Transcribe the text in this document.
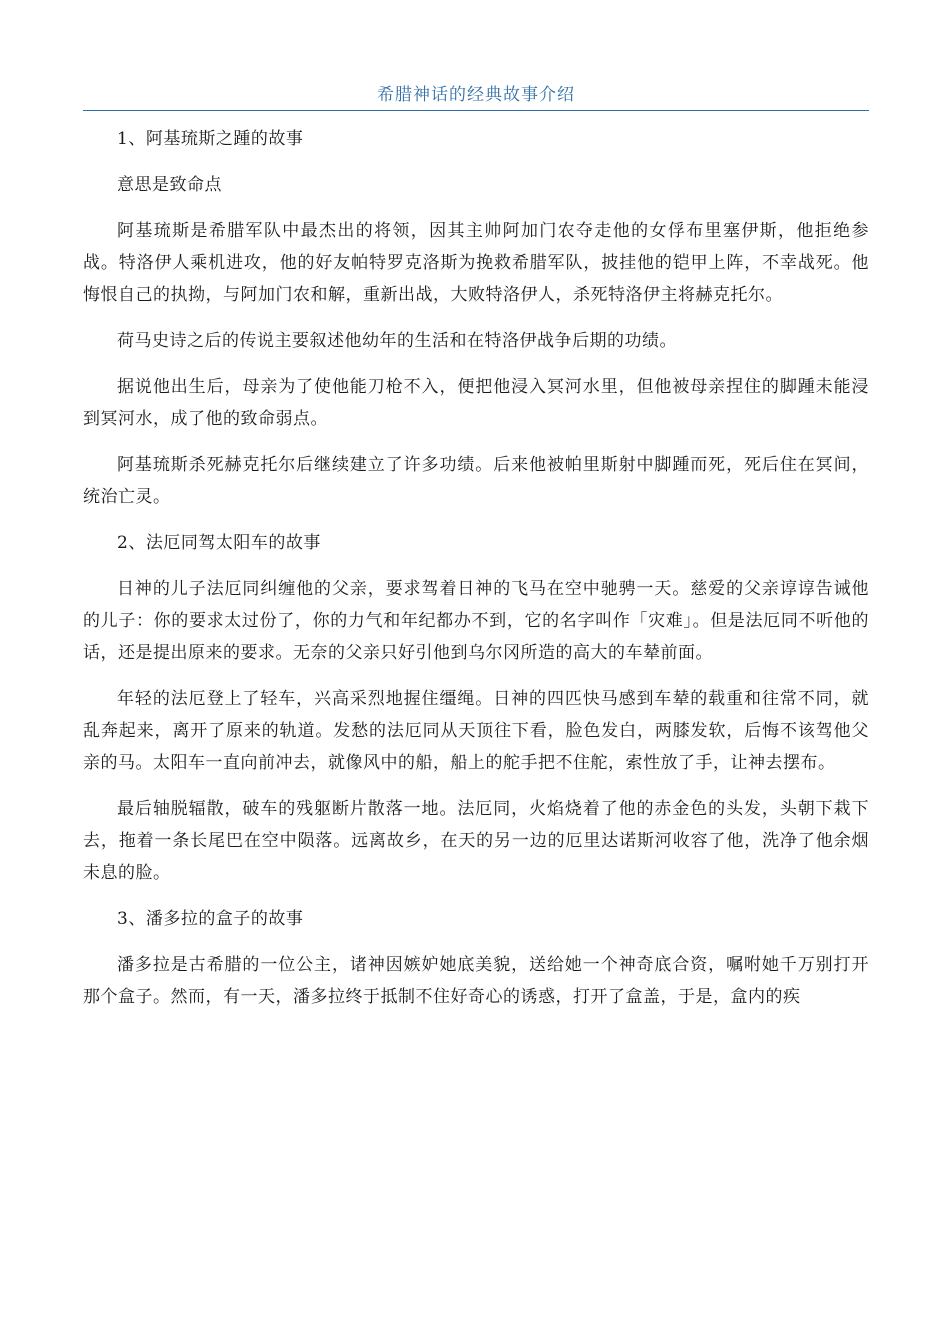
希腊神话的经典故事介绍

1、阿基琉斯之踵的故事

意思是致命点

阿基琉斯是希腊军队中最杰出的将领，因其主帅阿加门农夺走他的女俘布里塞伊斯，他拒绝参战。特洛伊人乘机进攻，他的好友帕特罗克洛斯为挽救希腊军队，披挂他的铠甲上阵，不幸战死。他悔恨自己的执拗，与阿加门农和解，重新出战，大败特洛伊人，杀死特洛伊主将赫克托尔。

荷马史诗之后的传说主要叙述他幼年的生活和在特洛伊战争后期的功绩。

据说他出生后，母亲为了使他能刀枪不入，便把他浸入冥河水里，但他被母亲捏住的脚踵未能浸到冥河水，成了他的致命弱点。

阿基琉斯杀死赫克托尔后继续建立了许多功绩。后来他被帕里斯射中脚踵而死，死后住在冥间，统治亡灵。

2、法厄同驾太阳车的故事

日神的儿子法厄同纠缠他的父亲，要求驾着日神的飞马在空中驰骋一天。慈爱的父亲谆谆告诫他的儿子：你的要求太过份了，你的力气和年纪都办不到，它的名字叫作「灾难」。但是法厄同不听他的话，还是提出原来的要求。无奈的父亲只好引他到乌尔冈所造的高大的车辇前面。

年轻的法厄登上了轻车，兴高采烈地握住缰绳。日神的四匹快马感到车辇的载重和往常不同，就乱奔起来，离开了原来的轨道。发愁的法厄同从天顶往下看，脸色发白，两膝发软，后悔不该驾他父亲的马。太阳车一直向前冲去，就像风中的船，船上的舵手把不住舵，索性放了手，让神去摆布。

最后轴脱辐散，破车的残躯断片散落一地。法厄同，火焰烧着了他的赤金色的头发，头朝下栽下去，拖着一条长尾巴在空中陨落。远离故乡，在天的另一边的厄里达诺斯河收容了他，洗净了他余烟未息的脸。

3、潘多拉的盒子的故事

潘多拉是古希腊的一位公主，诸神因嫉妒她底美貌，送给她一个神奇底合资，嘱咐她千万别打开那个盒子。然而，有一天，潘多拉终于抵制不住好奇心的诱惑，打开了盒盖，于是，盒内的疾
